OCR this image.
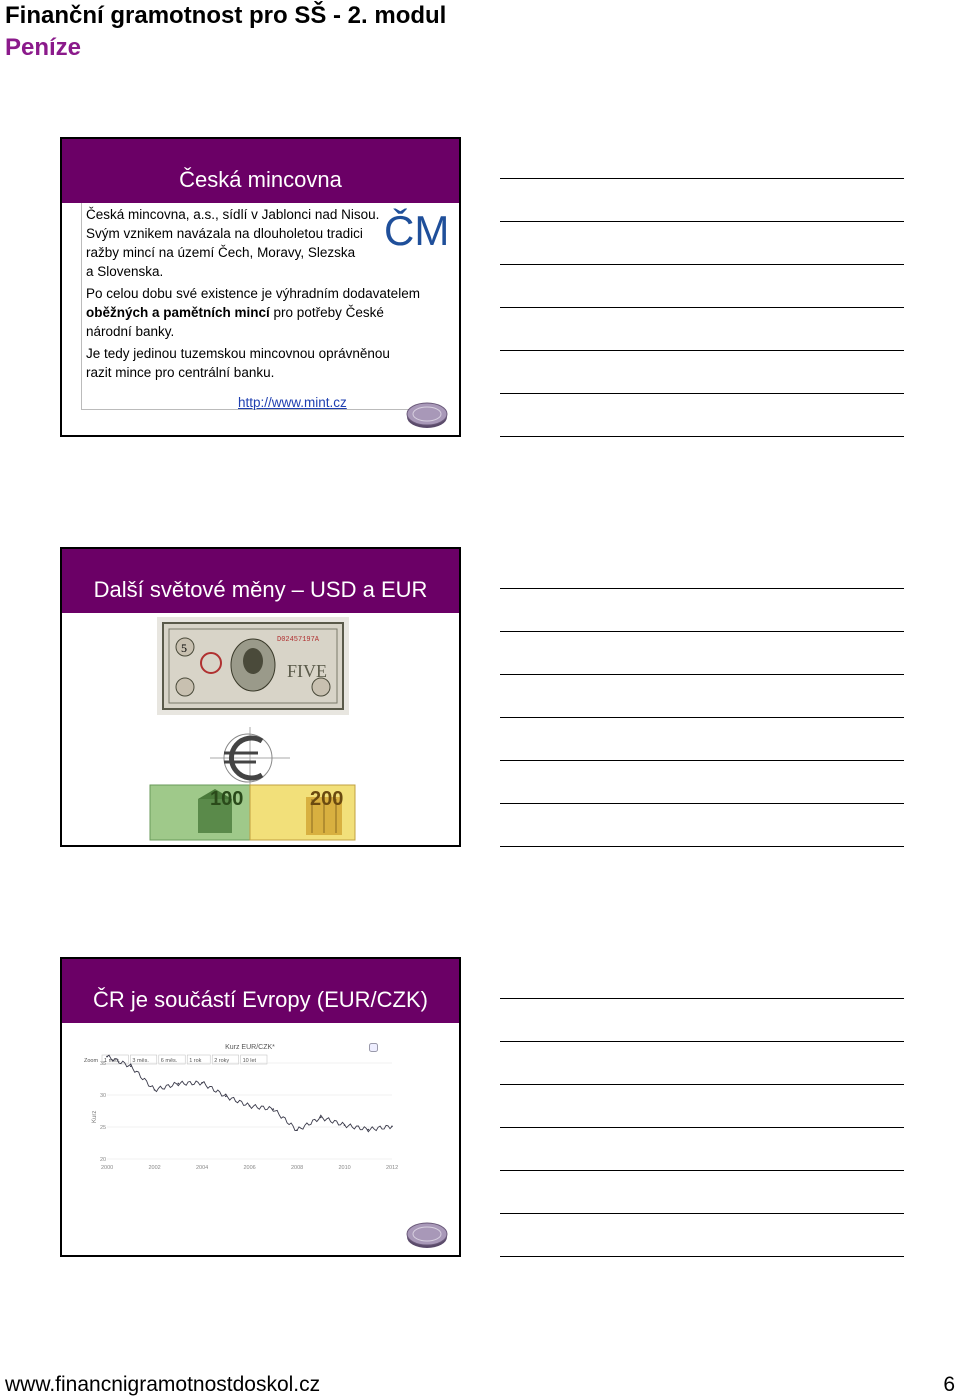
Finanční gramotnost pro SŠ - 2. modul
Peníze
Česká mincovna

Česká mincovna, a.s., sídlí v Jablonci nad Nisou.

Svým vznikem navázala na dlouholetou tradici

ražby mincí na území Čech, Moravy, Slezska

a Slovenska.

Po celou dobu své existence je výhradním dodavatelem

oběžných a pamětních mincí pro potřeby České

národní banky.

Je tedy jedinou tuzemskou mincovnou oprávněnou

razit mince pro centrální banku.

http://www.mint.cz
ČM
Další světové měny – USD a EUR
5
FIVE
D02457197A
100	200
ČR je součástí Evropy (EUR/CZK)
Kurz EUR/CZK*
Zoom 1 měs. 3 měs. 6 měs. 1 rok 2 roky 10 let
35
30
25
20
2000	2002	2004	2006	2008	2010	2012
Kurz
www.financnigramotnostdoskol.cz	6
